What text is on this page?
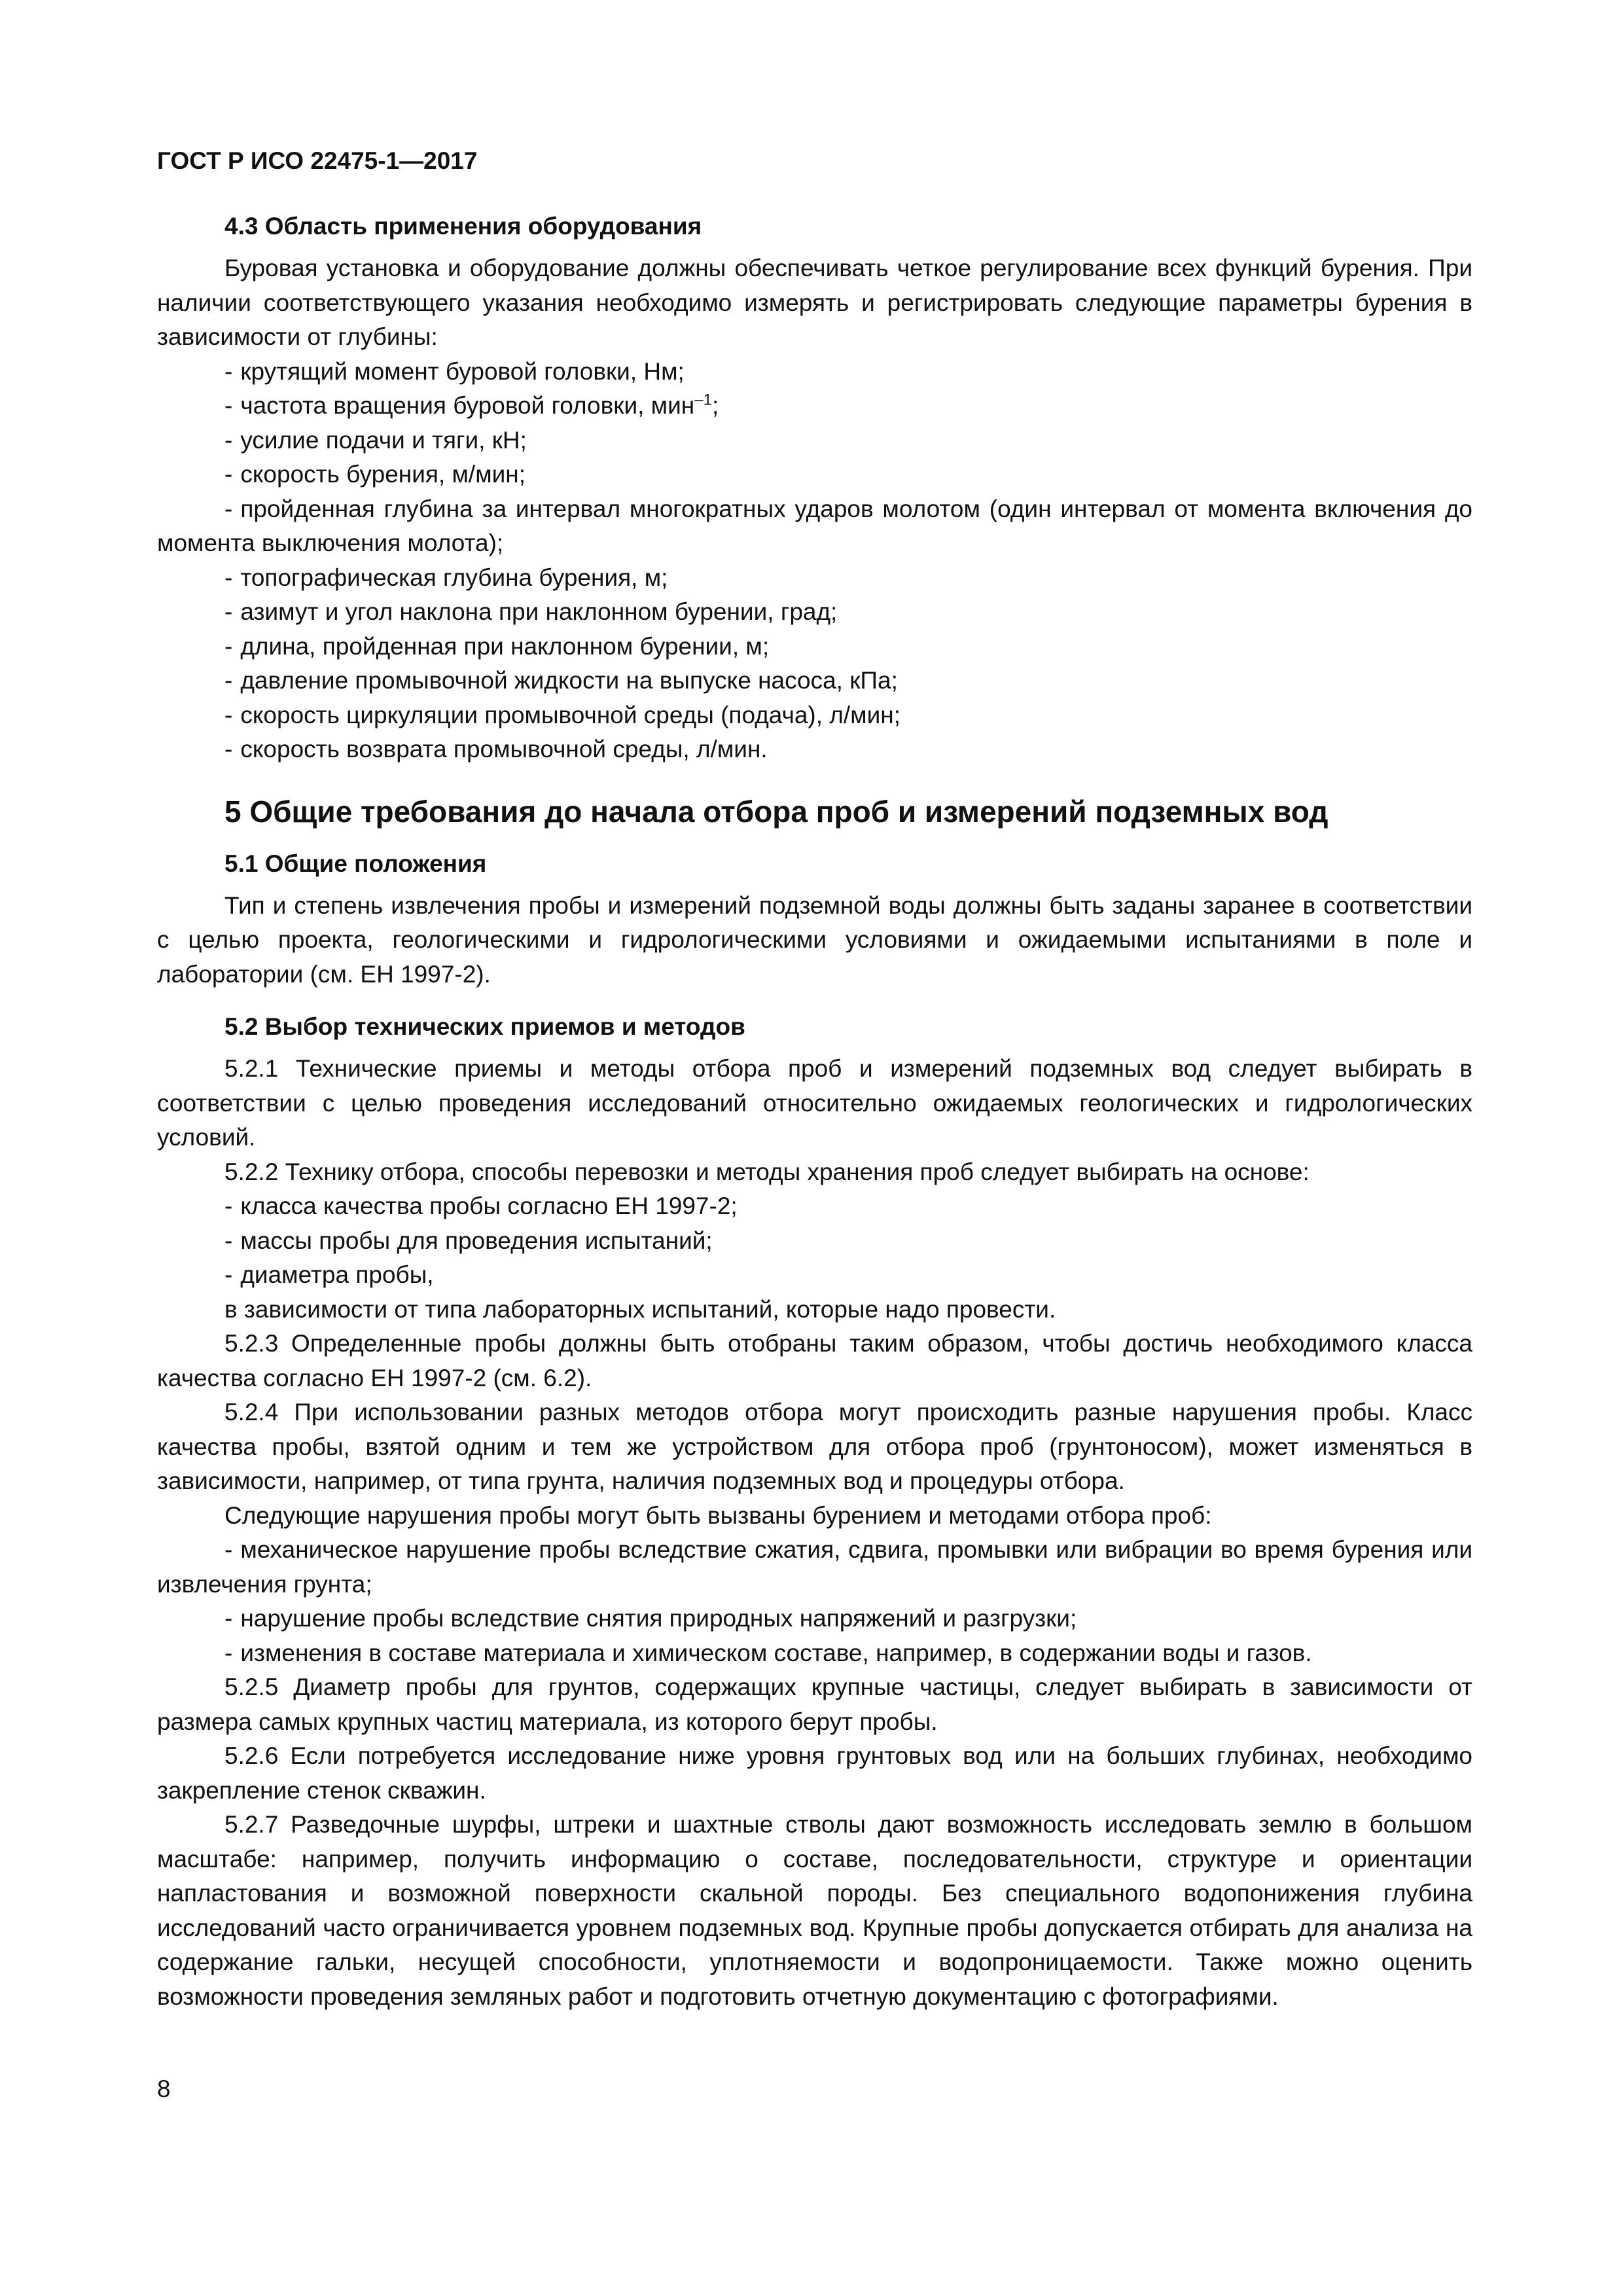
ГОСТ Р ИСО 22475-1—2017
4.3 Область применения оборудования

Буровая установка и оборудование должны обеспечивать четкое регулирование всех функций бурения. При наличии соответствующего указания необходимо измерять и регистрировать следующие параметры бурения в зависимости от глубины:

- крутящий момент буровой головки, Нм;

- частота вращения буровой головки, мин$^{-1}$;

- усилие подачи и тяги, кН;

- скорость бурения, м/мин;

- пройденная глубина за интервал многократных ударов молотом (один интервал от момента включения до момента выключения молота);

- топографическая глубина бурения, м;

- азимут и угол наклона при наклонном бурении, град;

- длина, пройденная при наклонном бурении, м;

- давление промывочной жидкости на выпуске насоса, кПа;

- скорость циркуляции промывочной среды (подача), л/мин;

- скорость возврата промывочной среды, л/мин.

5 Общие требования до начала отбора проб и измерений подземных вод
5.1 Общие положения

Тип и степень извлечения пробы и измерений подземной воды должны быть заданы заранее в соответствии с целью проекта, геологическими и гидрологическими условиями и ожидаемыми испытаниями в поле и лаборатории (см. ЕН 1997-2).

5.2 Выбор технических приемов и методов

5.2.1 Технические приемы и методы отбора проб и измерений подземных вод следует выбирать в соответствии с целью проведения исследований относительно ожидаемых геологических и гидрологических условий.

5.2.2 Технику отбора, способы перевозки и методы хранения проб следует выбирать на основе:

- класса качества пробы согласно ЕН 1997-2;

- массы пробы для проведения испытаний;

- диаметра пробы,

в зависимости от типа лабораторных испытаний, которые надо провести.

5.2.3 Определенные пробы должны быть отобраны таким образом, чтобы достичь необходимого класса качества согласно ЕН 1997-2 (см. 6.2).

5.2.4 При использовании разных методов отбора могут происходить разные нарушения пробы. Класс качества пробы, взятой одним и тем же устройством для отбора проб (грунтоносом), может изменяться в зависимости, например, от типа грунта, наличия подземных вод и процедуры отбора.

Следующие нарушения пробы могут быть вызваны бурением и методами отбора проб:

- механическое нарушение пробы вследствие сжатия, сдвига, промывки или вибрации во время бурения или извлечения грунта;

- нарушение пробы вследствие снятия природных напряжений и разгрузки;

- изменения в составе материала и химическом составе, например, в содержании воды и газов.

5.2.5 Диаметр пробы для грунтов, содержащих крупные частицы, следует выбирать в зависимости от размера самых крупных частиц материала, из которого берут пробы.

5.2.6 Если потребуется исследование ниже уровня грунтовых вод или на больших глубинах, необходимо закрепление стенок скважин.

5.2.7 Разведочные шурфы, штреки и шахтные стволы дают возможность исследовать землю в большом масштабе: например, получить информацию о составе, последовательности, структуре и ориентации напластования и возможной поверхности скальной породы. Без специального водопонижения глубина исследований часто ограничивается уровнем подземных вод. Крупные пробы допускается отбирать для анализа на содержание гальки, несущей способности, уплотняемости и водопроницаемости. Также можно оценить возможности проведения земляных работ и подготовить отчетную документацию с фотографиями.

8
